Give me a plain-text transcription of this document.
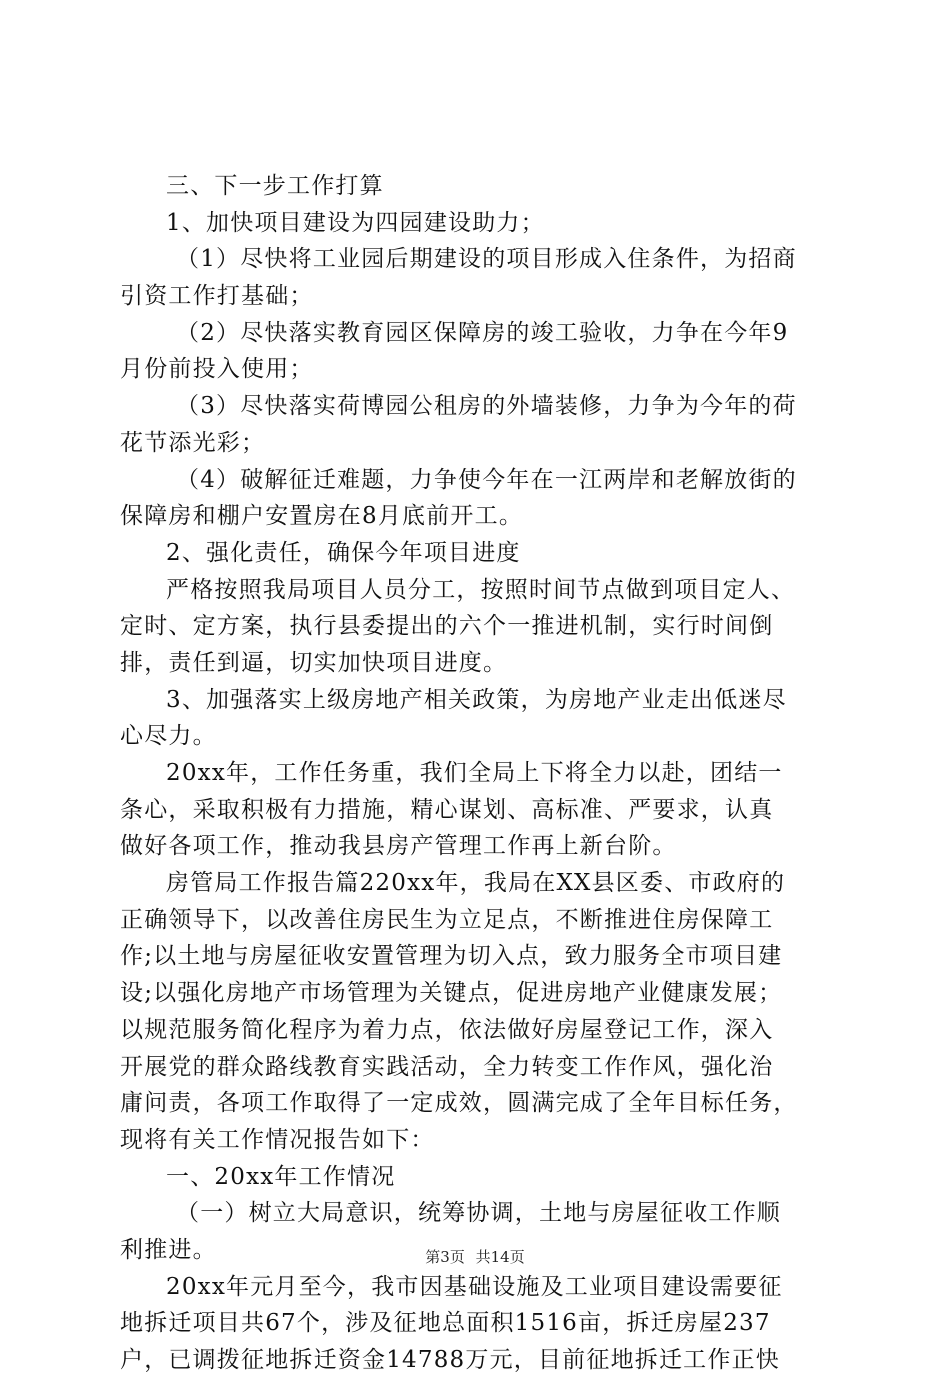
三、下一步工作打算
1、加快项目建设为四园建设助力；
（1）尽快将工业园后期建设的项目形成入住条件，为招商
引资工作打基础；
（2）尽快落实教育园区保障房的竣工验收，力争在今年9
月份前投入使用；
（3）尽快落实荷博园公租房的外墙装修，力争为今年的荷
花节添光彩；
（4）破解征迁难题，力争使今年在一江两岸和老解放街的
保障房和棚户安置房在8月底前开工。
2、强化责任，确保今年项目进度
严格按照我局项目人员分工，按照时间节点做到项目定人、
定时、定方案，执行县委提出的六个一推进机制，实行时间倒
排，责任到逼，切实加快项目进度。
3、加强落实上级房地产相关政策，为房地产业走出低迷尽
心尽力。
20xx年，工作任务重，我们全局上下将全力以赴，团结一
条心，采取积极有力措施，精心谋划、高标准、严要求，认真
做好各项工作，推动我县房产管理工作再上新台阶。
房管局工作报告篇220xx年，我局在XX县区委、市政府的
正确领导下，以改善住房民生为立足点，不断推进住房保障工
作;以土地与房屋征收安置管理为切入点，致力服务全市项目建
设;以强化房地产市场管理为关键点，促进房地产业健康发展；
以规范服务简化程序为着力点，依法做好房屋登记工作，深入
开展党的群众路线教育实践活动，全力转变工作作风，强化治
庸问责，各项工作取得了一定成效，圆满完成了全年目标任务，
现将有关工作情况报告如下：
一、20xx年工作情况
（一）树立大局意识，统筹协调，土地与房屋征收工作顺
利推进。
20xx年元月至今，我市因基础设施及工业项目建设需要征
地拆迁项目共67个，涉及征地总面积1516亩，拆迁房屋237
户，已调拨征地拆迁资金14788万元，目前征地拆迁工作正快
第3页 共14页
